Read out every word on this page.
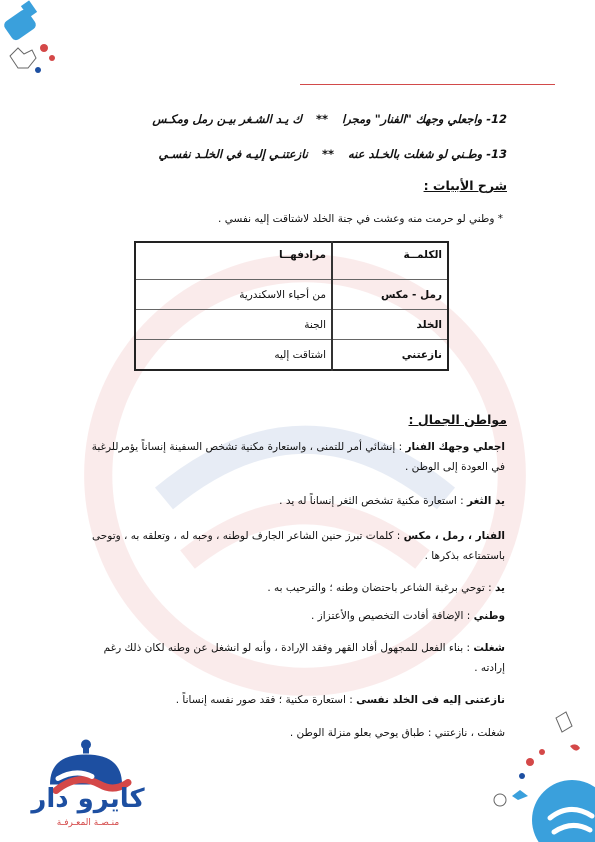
12- واجعلي وجهك "الفنار" ومجرا ** ك يـد الشـغر بيـن رمل ومكـس
13- وطـني لو شغلت بالخـلد عنه ** نازعتنـي إليـه في الخلـد نفسـي
شرح الأبيات :
* وطني لو حرمت منه وعشت في جنة الخلد لاشتاقت إليه نفسي .
الكلمــة	مرادفهــا
رمل - مكس	من أحياء الاسكندرية
الخلد	الجنة
نازعتني	اشتاقت إليه
مواطن الجمال :
اجعلي وجهك الفنار : إنشائي أمر للتمنى ، واستعارة مكنية تشخص السفينة إنساناً يؤمرللرغبة في العودة إلى الوطن .
يد الثغر : استعارة مكنية تشخص الثغر إنساناً له يد .
الفنار ، رمل ، مكس : كلمات تبرز حنين الشاعر الجارف لوطنه ، وحبه له ، وتعلقه به ، وتوحى باستمتاعه بذكرها .
يد : توحي برغبة الشاعر باحتضان وطنه ؛ والترحيب به .
وطني : الإضافة أفادت التخصيص والأعتزاز .
شغلت : بناء الفعل للمجهول أفاد القهر وفقد الإرادة ، وأنه لو انشغل عن وطنه لكان ذلك رغم إرادته .
نازعتنى إليه فى الخلد نفسى : استعارة مكنية ؛ فقد صور نفسه إنساناً .
شغلت ، نازعتني : طباق يوحي بعلو منزلة الوطن .
كايرو دار
منـصـة المعـرفـة
